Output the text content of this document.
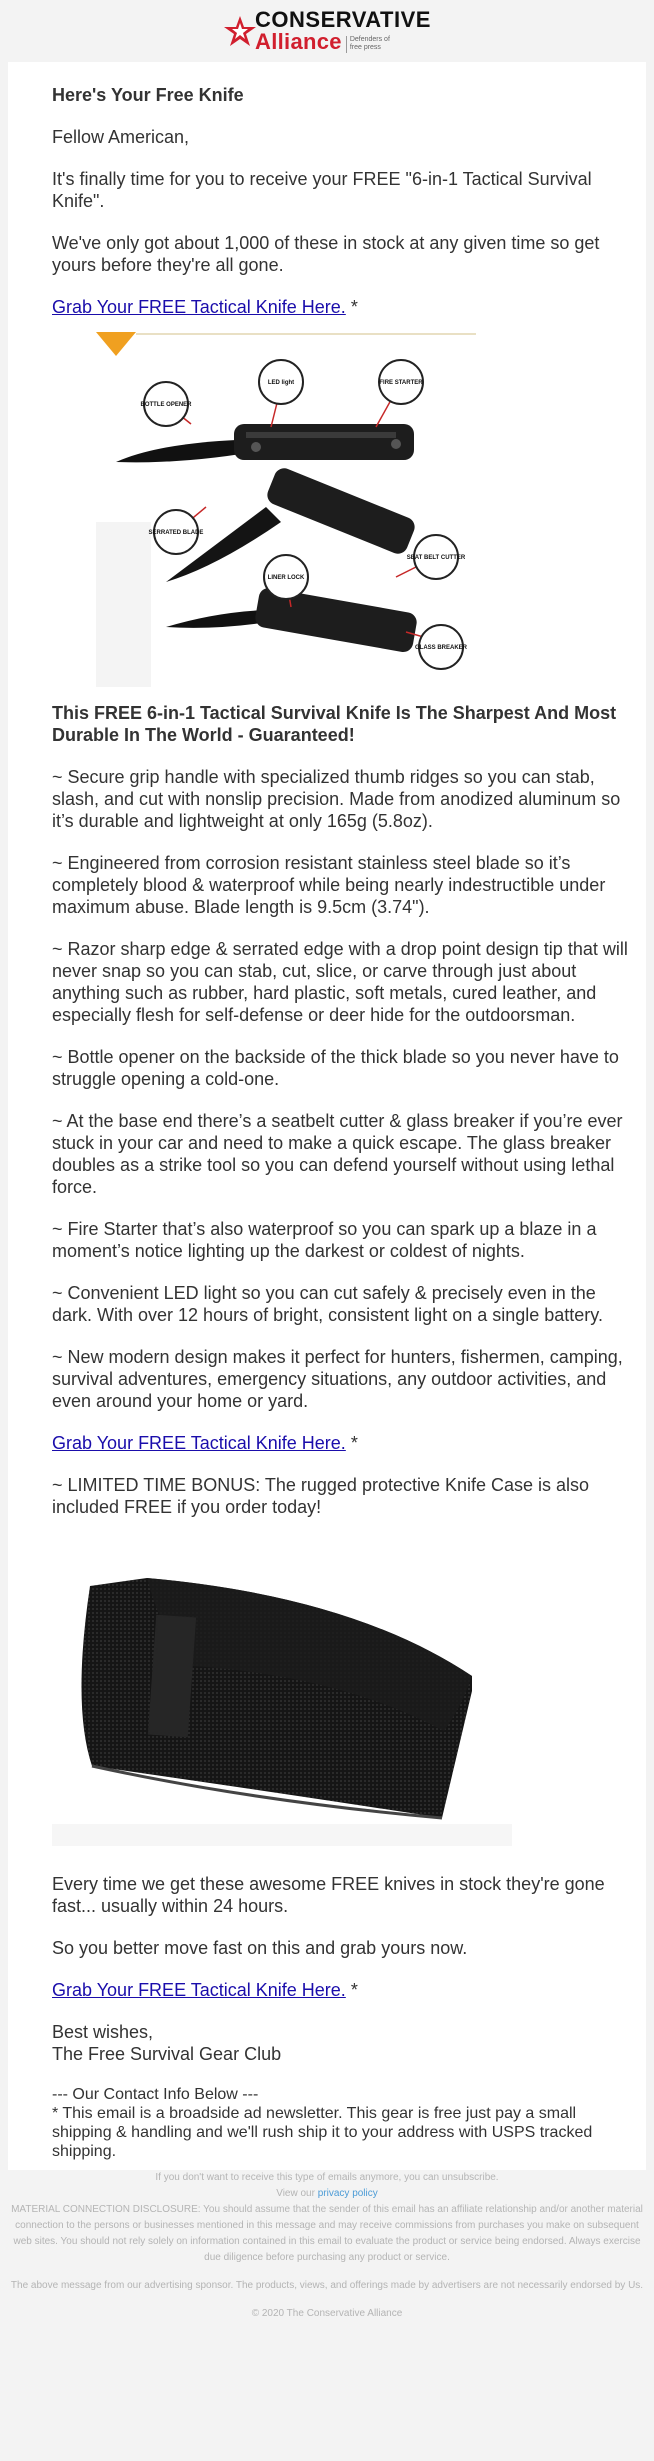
CONSERVATIVE
Alliance	Defenders of
free press

Here's Your Free Knife

Fellow American,

It's finally time for you to receive your FREE "6-in-1 Tactical Survival Knife".

We've only got about 1,000 of these in stock at any given time so get yours before they're all gone.

Grab Your FREE Tactical Knife Here. *

BOTTLE OPENER
LED light	FIRE STARTER
SERRATED BLADE
SEAT BELT CUTTER
LINER LOCK
GLASS BREAKER

This FREE 6-in-1 Tactical Survival Knife Is The Sharpest And Most Durable In The World - Guaranteed!

~ Secure grip handle with specialized thumb ridges so you can stab, slash, and cut with nonslip precision. Made from anodized aluminum so it’s durable and lightweight at only 165g (5.8oz).

~ Engineered from corrosion resistant stainless steel blade so it’s completely blood & waterproof while being nearly indestructible under maximum abuse. Blade length is 9.5cm (3.74").

~ Razor sharp edge & serrated edge with a drop point design tip that will never snap so you can stab, cut, slice, or carve through just about anything such as rubber, hard plastic, soft metals, cured leather, and especially flesh for self-defense or deer hide for the outdoorsman.

~ Bottle opener on the backside of the thick blade so you never have to struggle opening a cold-one.

~ At the base end there’s a seatbelt cutter & glass breaker if you’re ever stuck in your car and need to make a quick escape. The glass breaker doubles as a strike tool so you can defend yourself without using lethal force.

~ Fire Starter that’s also waterproof so you can spark up a blaze in a moment’s notice lighting up the darkest or coldest of nights.

~ Convenient LED light so you can cut safely & precisely even in the dark. With over 12 hours of bright, consistent light on a single battery.

~ New modern design makes it perfect for hunters, fishermen, camping, survival adventures, emergency situations, any outdoor activities, and even around your home or yard.

Grab Your FREE Tactical Knife Here. *

~ LIMITED TIME BONUS: The rugged protective Knife Case is also included FREE if you order today!

Every time we get these awesome FREE knives in stock they're gone fast... usually within 24 hours.

So you better move fast on this and grab yours now.

Grab Your FREE Tactical Knife Here. *

Best wishes,
The Free Survival Gear Club

--- Our Contact Info Below ---
* This email is a broadside ad newsletter. This gear is free just pay a small shipping & handling and we'll rush ship it to your address with USPS tracked shipping.

If you don't want to receive this type of emails anymore, you can unsubscribe.

View our privacy policy

MATERIAL CONNECTION DISCLOSURE: You should assume that the sender of this email has an affiliate relationship and/or another material connection to the persons or businesses mentioned in this message and may receive commissions from purchases you make on subsequent web sites. You should not rely solely on information contained in this email to evaluate the product or service being endorsed. Always exercise due diligence before purchasing any product or service.

The above message from our advertising sponsor. The products, views, and offerings made by advertisers are not necessarily endorsed by Us.

© 2020 The Conservative Alliance
